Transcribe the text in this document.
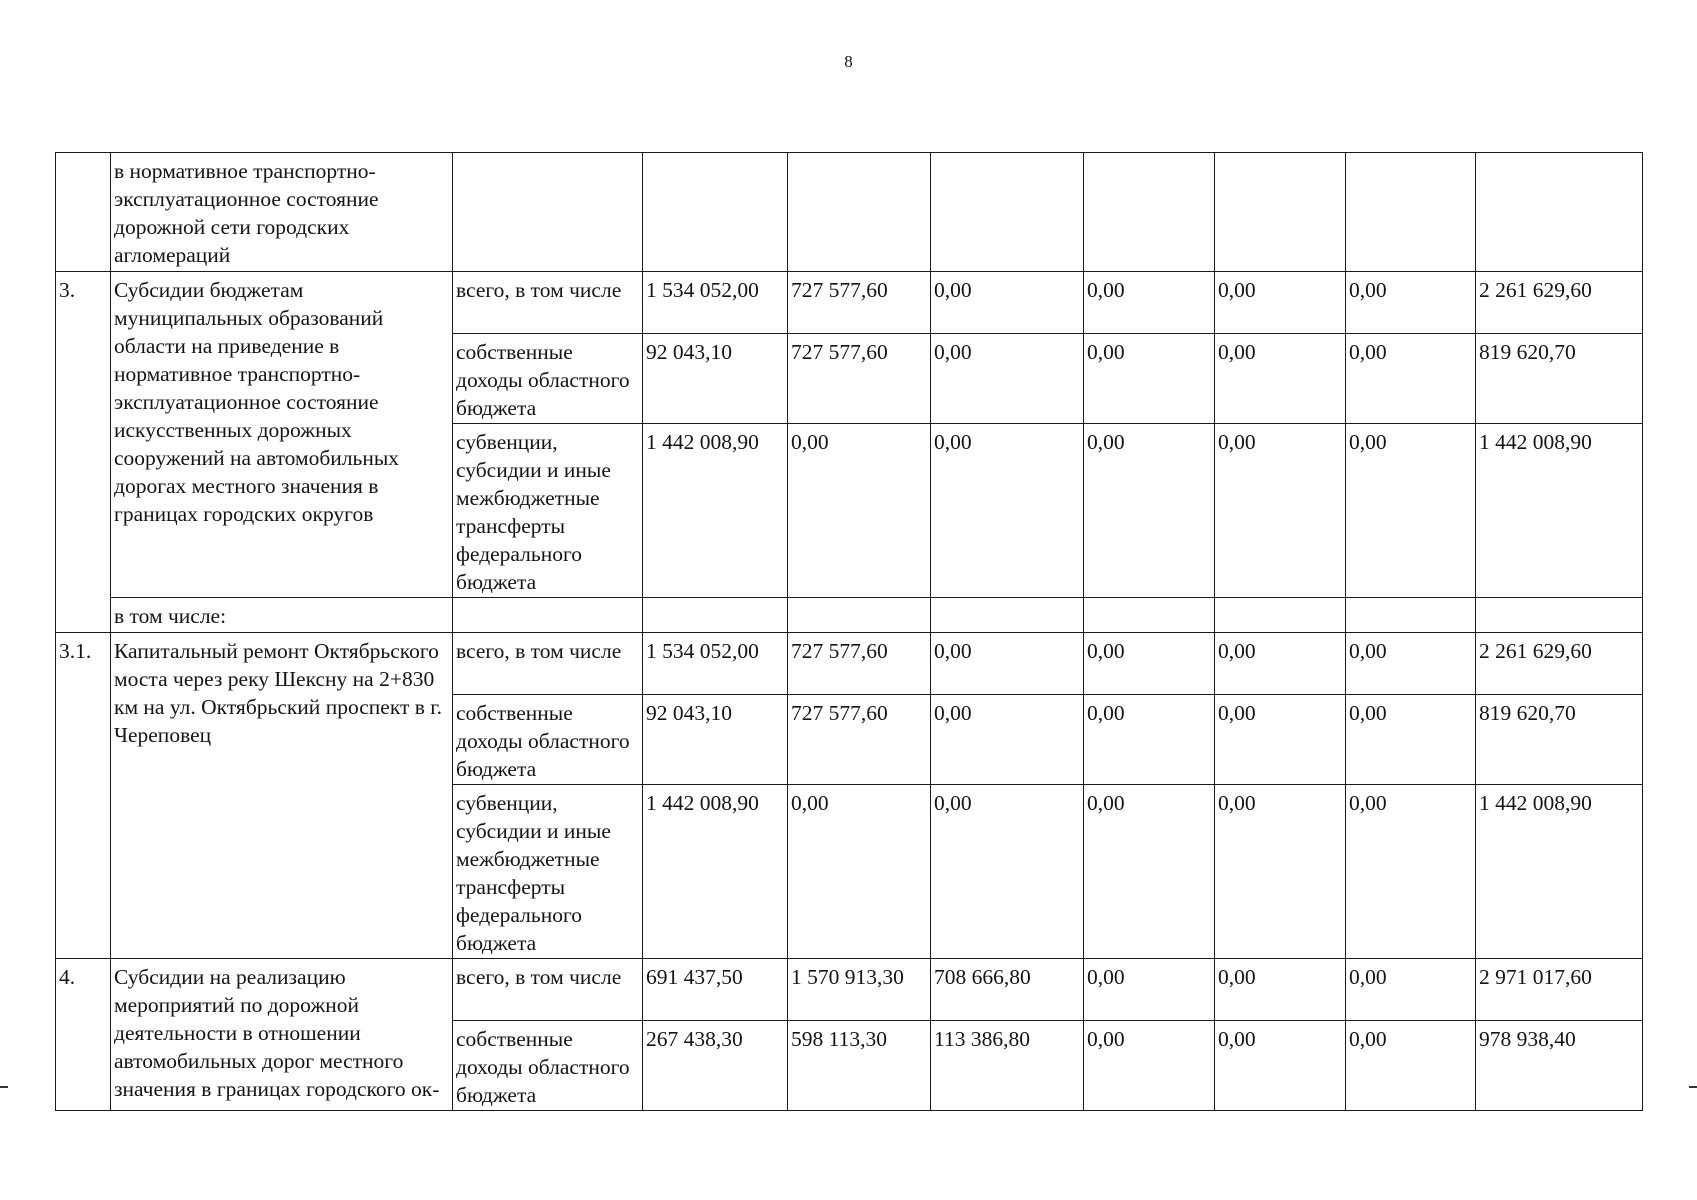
8
	в нормативное транспортно-эксплуатационное состояние дорожной сети городских агломераций								
3.	Субсидии бюджетам муниципальных образований области на приведение в нормативное транспортно-эксплуатационное состояние искусственных дорожных сооружений на автомобильных дорогах местного значения в границах городских округов	всего, в том числе	1 534 052,00	727 577,60	0,00	0,00	0,00	0,00	2 261 629,60
		собственные доходы областного бюджета	92 043,10	727 577,60	0,00	0,00	0,00	0,00	819 620,70
		субвенции, субсидии и иные межбюджетные трансферты федерального бюджета	1 442 008,90	0,00	0,00	0,00	0,00	0,00	1 442 008,90
	в том числе:								
3.1.	Капитальный ремонт Октябрьского моста через реку Шексну на 2+830 км на ул. Октябрьский проспект в г. Череповец	всего, в том числе	1 534 052,00	727 577,60	0,00	0,00	0,00	0,00	2 261 629,60
		собственные доходы областного бюджета	92 043,10	727 577,60	0,00	0,00	0,00	0,00	819 620,70
		субвенции, субсидии и иные межбюджетные трансферты федерального бюджета	1 442 008,90	0,00	0,00	0,00	0,00	0,00	1 442 008,90
4.	Субсидии на реализацию мероприятий по дорожной деятельности в отношении автомобильных дорог местного значения в границах городского ок-	всего, в том числе	691 437,50	1 570 913,30	708 666,80	0,00	0,00	0,00	2 971 017,60
		собственные доходы областного бюджета	267 438,30	598 113,30	113 386,80	0,00	0,00	0,00	978 938,40
